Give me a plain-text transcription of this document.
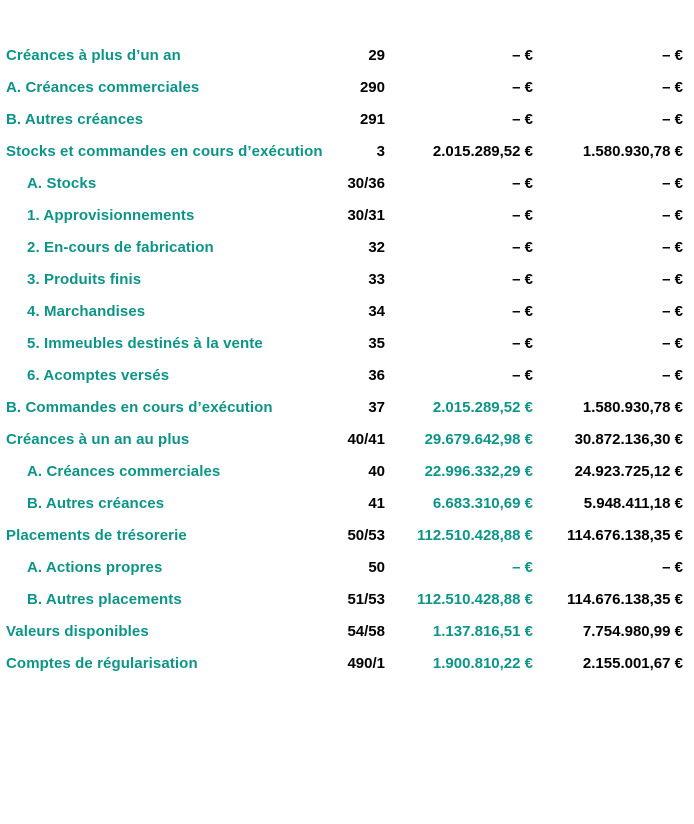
Créances à plus d’un an	29	– €	– €
A. Créances commerciales	290	– €	– €
B. Autres créances	291	– €	– €
Stocks et commandes en cours d’exécution	3	2.015.289,52 €	1.580.930,78 €
A. Stocks	30/36	– €	– €
1. Approvisionnements	30/31	– €	– €
2. En-cours de fabrication	32	– €	– €
3. Produits finis	33	– €	– €
4. Marchandises	34	– €	– €
5. Immeubles destinés à la vente	35	– €	– €
6. Acomptes versés	36	– €	– €
B. Commandes en cours d’exécution	37	2.015.289,52 €	1.580.930,78 €
Créances à un an au plus	40/41	29.679.642,98 €	30.872.136,30 €
A. Créances commerciales	40	22.996.332,29 €	24.923.725,12 €
B. Autres créances	41	6.683.310,69 €	5.948.411,18 €
Placements de trésorerie	50/53	112.510.428,88 €	114.676.138,35 €
A. Actions propres	50	– €	– €
B. Autres placements	51/53	112.510.428,88 €	114.676.138,35 €
Valeurs disponibles	54/58	1.137.816,51 €	7.754.980,99 €
Comptes de régularisation	490/1	1.900.810,22 €	2.155.001,67 €
